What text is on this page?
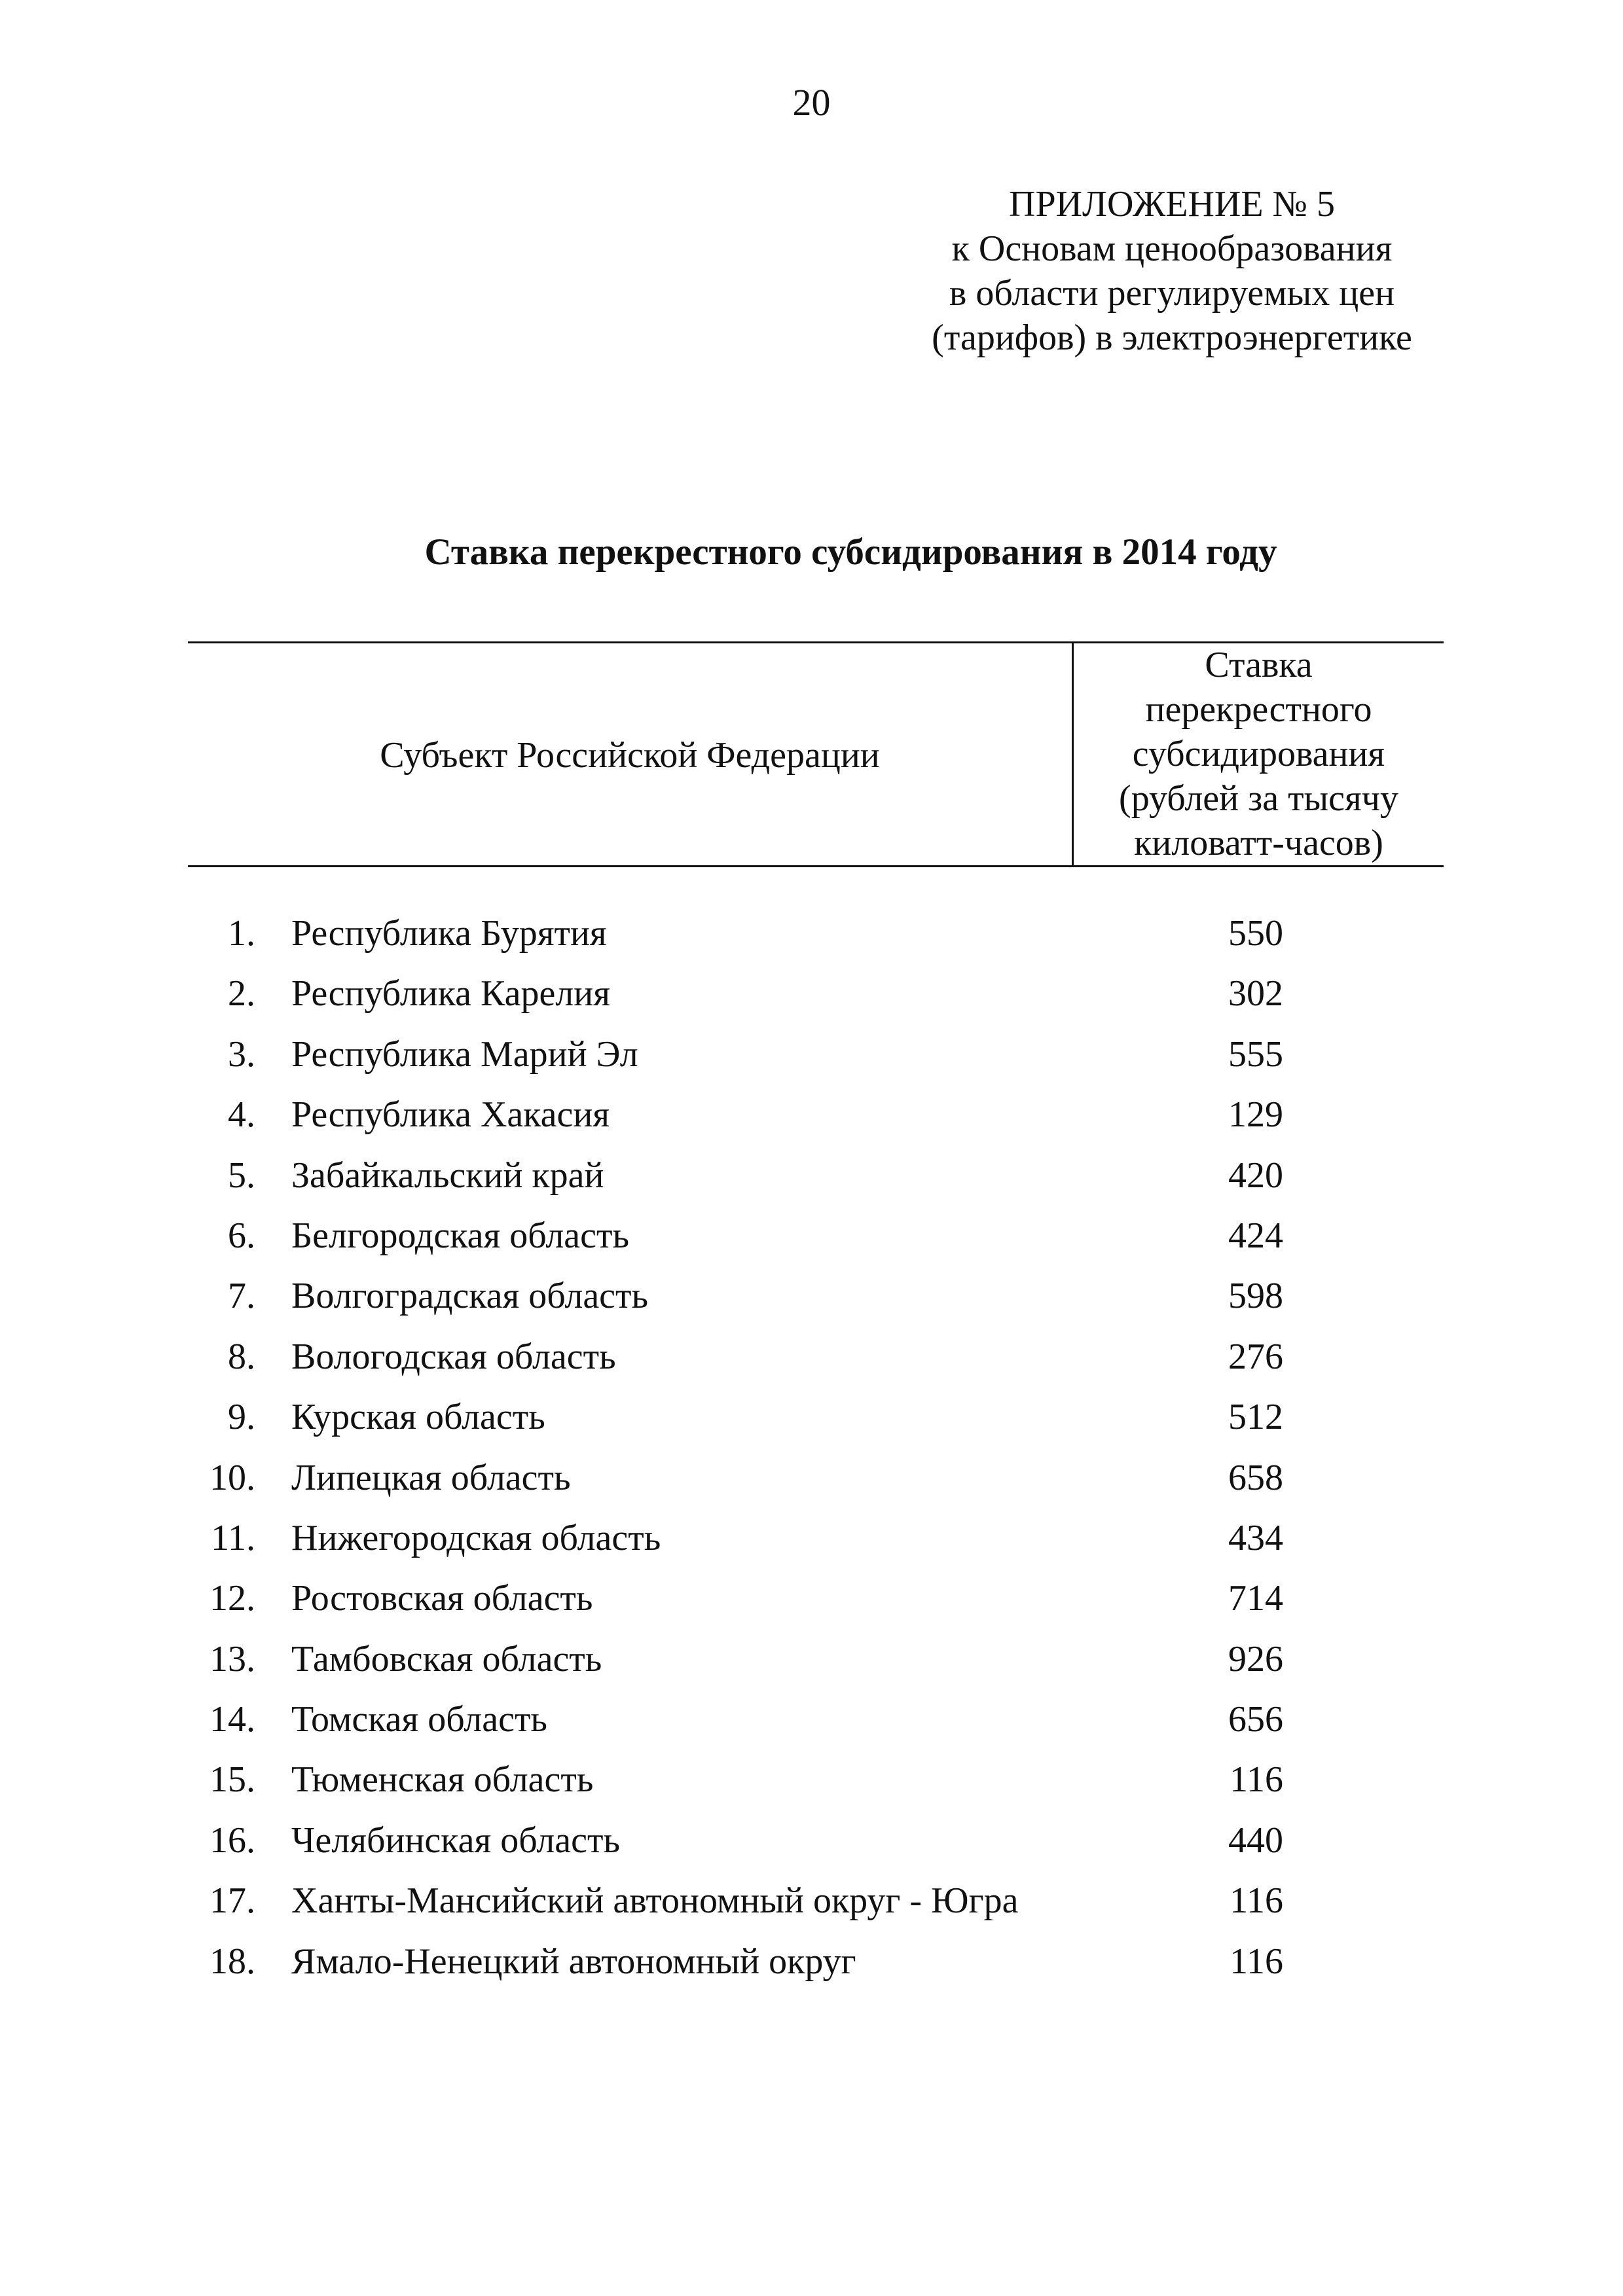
20
ПРИЛОЖЕНИЕ № 5
к Основам ценообразования
в области регулируемых цен
(тарифов) в электроэнергетике
Ставка перекрестного субсидирования в 2014 году
Субъект Российской Федерации
Ставка
перекрестного
субсидирования
(рублей за тысячу
киловатт-часов)
1. Республика Бурятия	550
2. Республика Карелия	302
3. Республика Марий Эл	555
4. Республика Хакасия	129
5. Забайкальский край	420
6. Белгородская область	424
7. Волгоградская область	598
8. Вологодская область	276
9. Курская область	512
10. Липецкая область	658
11. Нижегородская область	434
12. Ростовская область	714
13. Тамбовская область	926
14. Томская область	656
15. Тюменская область	116
16. Челябинская область	440
17. Ханты-Мансийский автономный округ - Югра	116
18. Ямало-Ненецкий автономный округ	116
